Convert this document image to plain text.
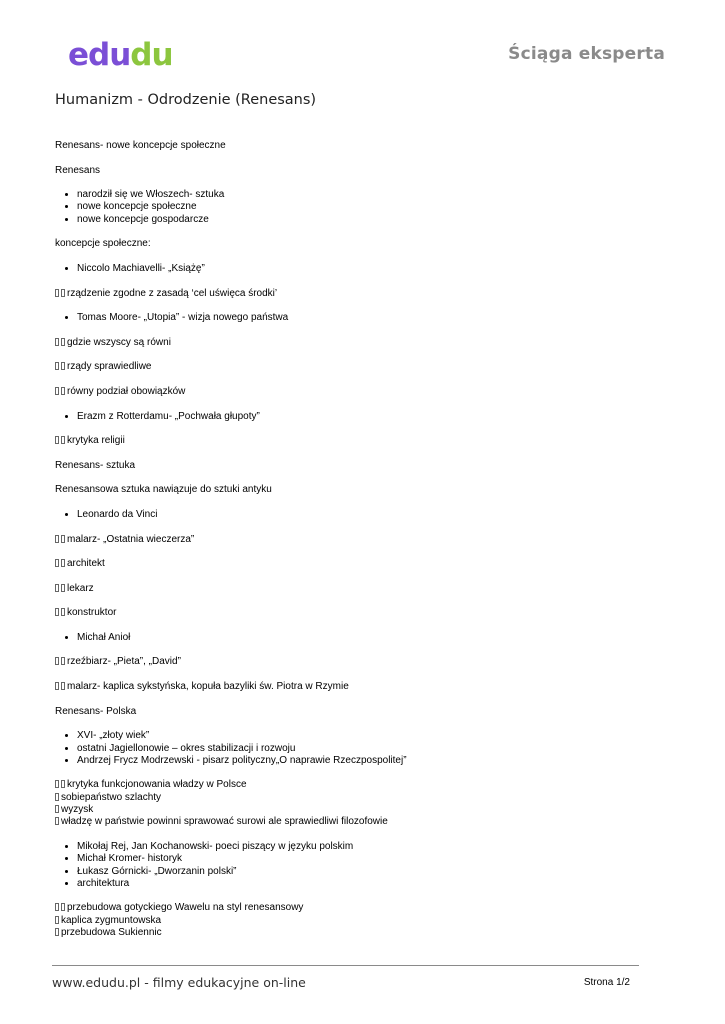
edudu	Ściąga eksperta
Humanizm - Odrodzenie (Renesans)

Renesans- nowe koncepcje społeczne

Renesans

• narodził się we Włoszech- sztuka
• nowe koncepcje społeczne
• nowe koncepcje gospodarcze

koncepcje społeczne:

• Niccolo Machiavelli- „Książę”

rządzenie zgodne z zasadą ‘cel uświęca środki’

• Tomas Moore- „Utopia” - wizja nowego państwa

gdzie wszyscy są równi

rządy sprawiedliwe

równy podział obowiązków

• Erazm z Rotterdamu- „Pochwała głupoty”

krytyka religii

Renesans- sztuka

Renesansowa sztuka nawiązuje do sztuki antyku

• Leonardo da Vinci

malarz- „Ostatnia wieczerza”

architekt

lekarz

konstruktor

• Michał Anioł

rzeźbiarz- „Pieta”, „David”

malarz- kaplica sykstyńska, kopuła bazyliki św. Piotra w Rzymie

Renesans- Polska

• XVI- „złoty wiek”
• ostatni Jagiellonowie – okres stabilizacji i rozwoju
• Andrzej Frycz Modrzewski - pisarz polityczny„O naprawie Rzeczpospolitej”

krytyka funkcjonowania władzy w Polsce

sobiepaństwo szlachty

wyzysk

władzę w państwie powinni sprawować surowi ale sprawiedliwi filozofowie

• Mikołaj Rej, Jan Kochanowski- poeci piszący w języku polskim
• Michał Kromer- historyk
• Łukasz Górnicki- „Dworzanin polski”
• architektura

przebudowa gotyckiego Wawelu na styl renesansowy

kaplica zygmuntowska

przebudowa Sukiennic

www.edudu.pl - filmy edukacyjne on-line	Strona 1/2
